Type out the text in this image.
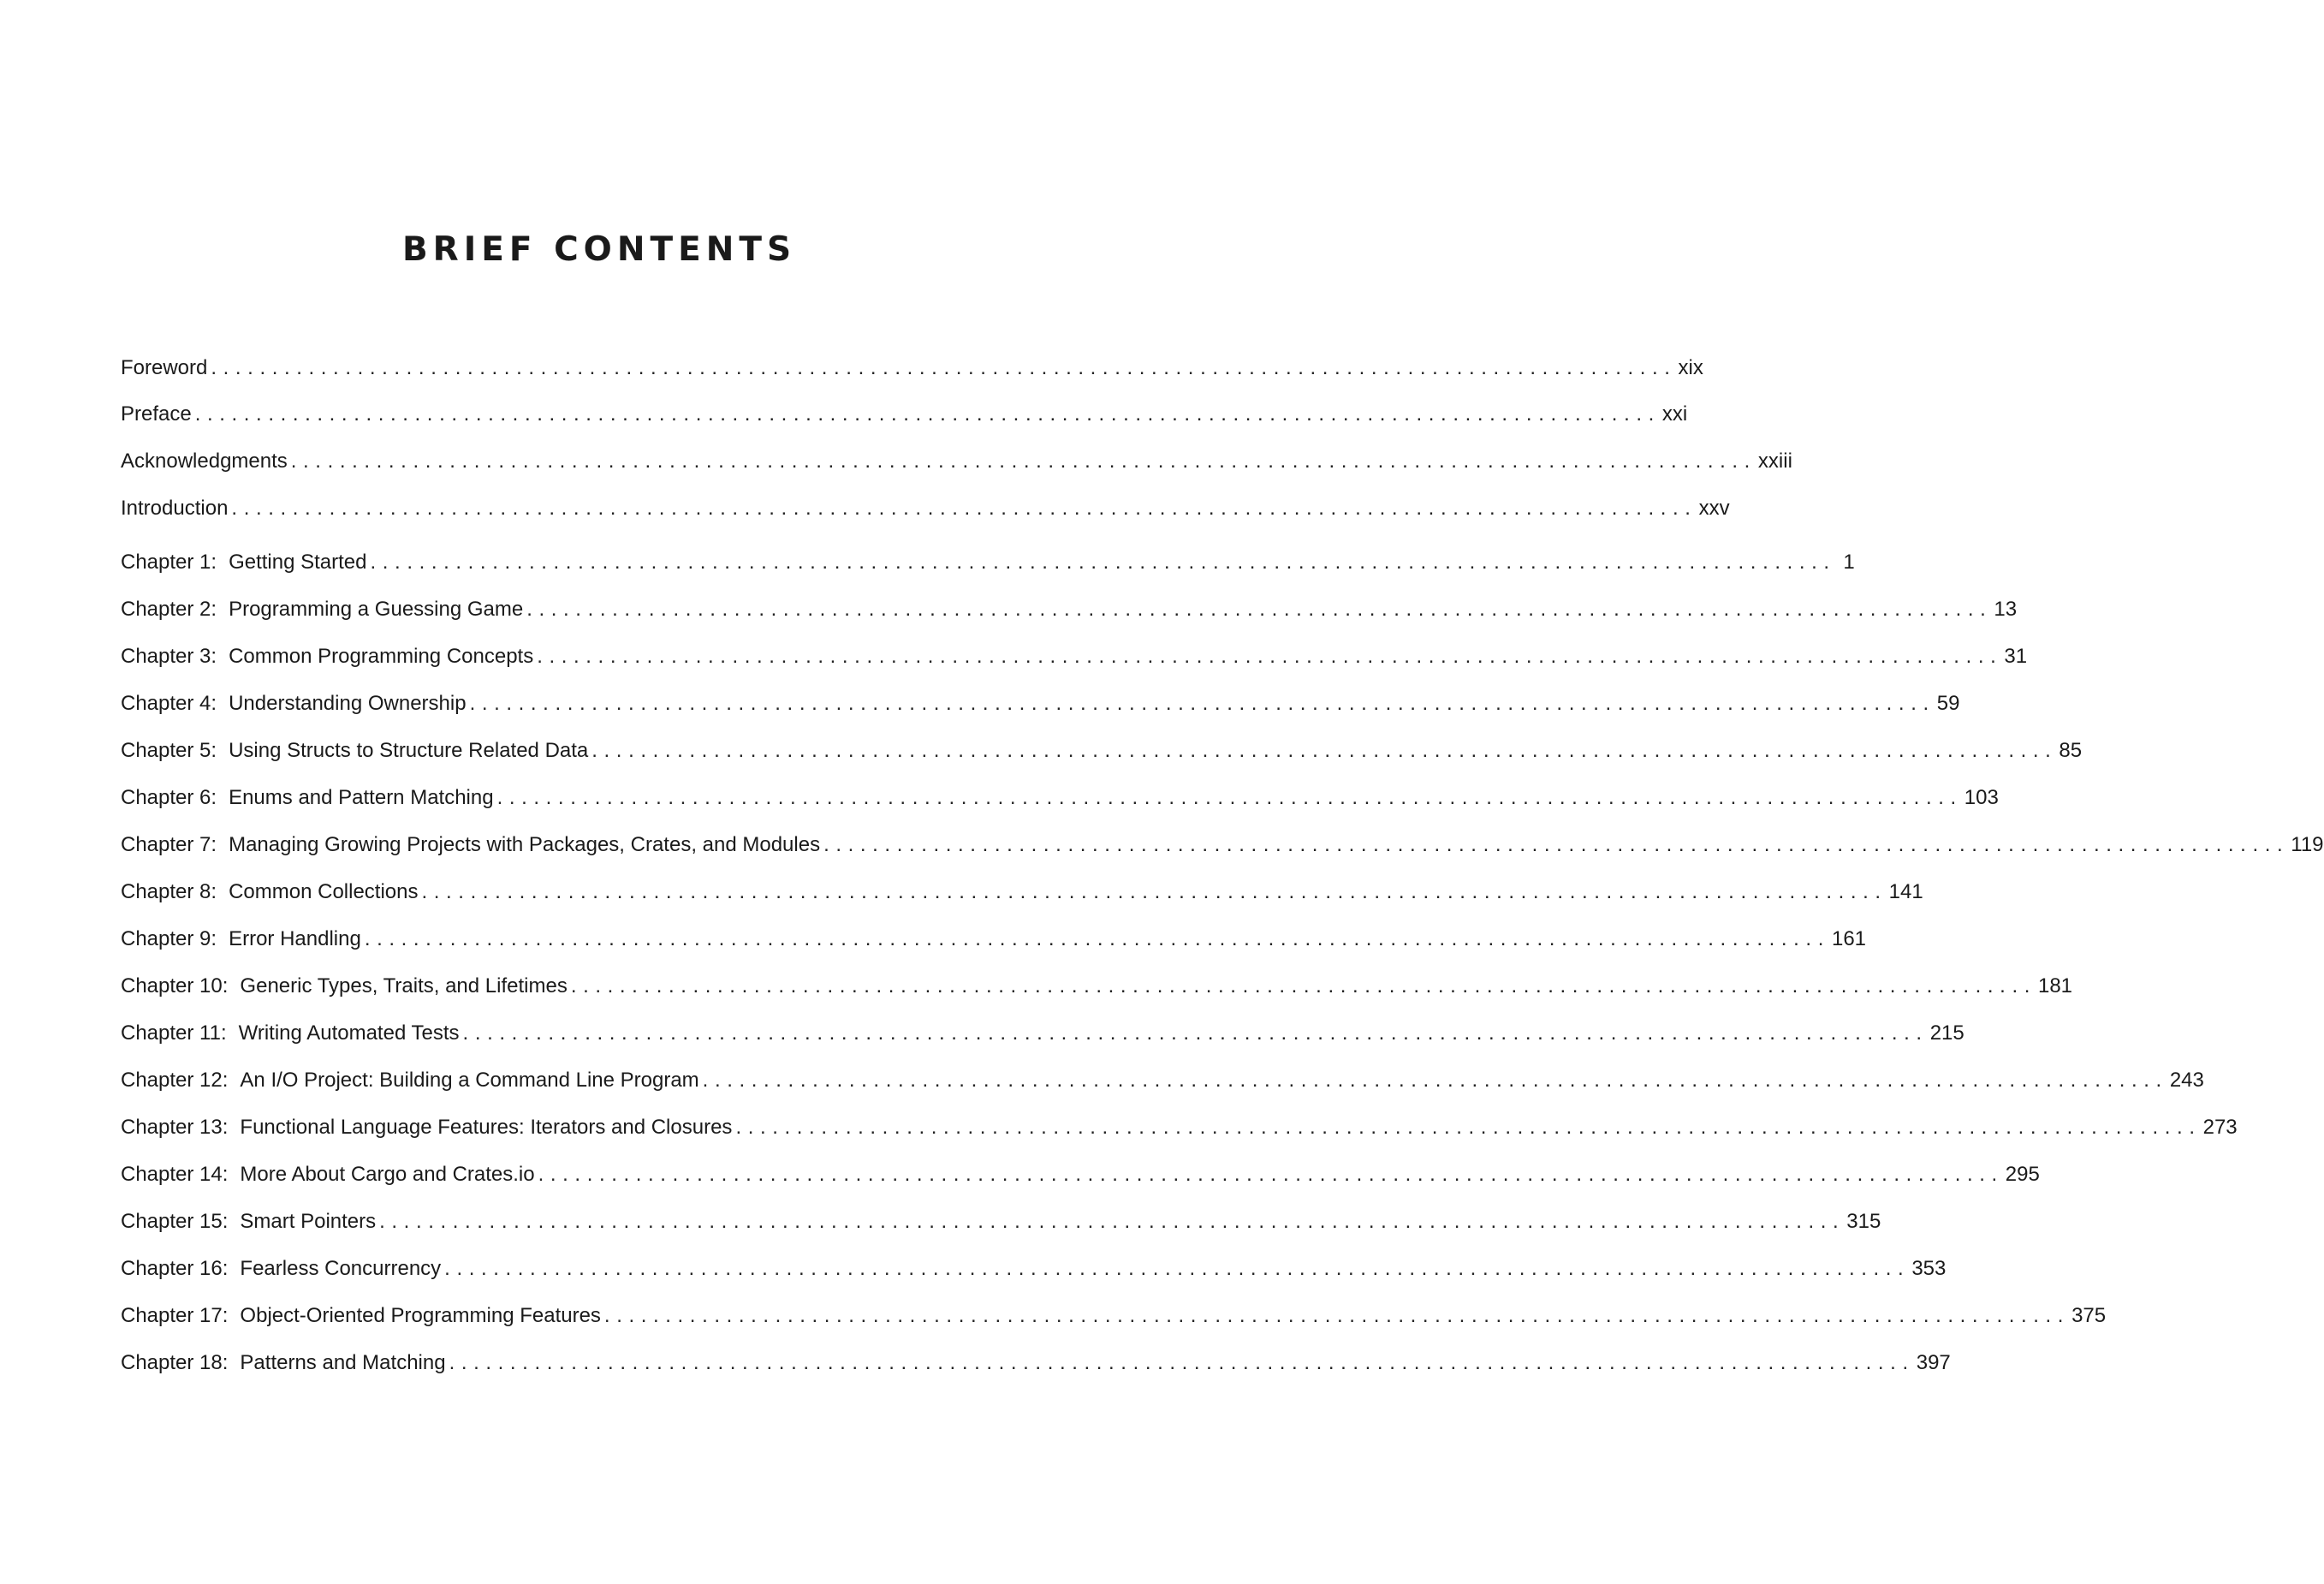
BRIEF CONTENTS
Foreword ........................................................................................................................ xix
Preface ........................................................................................................................ xxi
Acknowledgments ........................................................................................................................ xxiii
Introduction ........................................................................................................................ xxv
Chapter 1: Getting Started ........................................................................................................................ 1
Chapter 2: Programming a Guessing Game ........................................................................................................................ 13
Chapter 3: Common Programming Concepts ........................................................................................................................ 31
Chapter 4: Understanding Ownership ........................................................................................................................ 59
Chapter 5: Using Structs to Structure Related Data ........................................................................................................................ 85
Chapter 6: Enums and Pattern Matching ........................................................................................................................ 103
Chapter 7: Managing Growing Projects with Packages, Crates, and Modules ........................................................................................................................ 119
Chapter 8: Common Collections ........................................................................................................................ 141
Chapter 9: Error Handling ........................................................................................................................ 161
Chapter 10: Generic Types, Traits, and Lifetimes ........................................................................................................................ 181
Chapter 11: Writing Automated Tests ........................................................................................................................ 215
Chapter 12: An I/O Project: Building a Command Line Program ........................................................................................................................ 243
Chapter 13: Functional Language Features: Iterators and Closures ........................................................................................................................ 273
Chapter 14: More About Cargo and Crates.io ........................................................................................................................ 295
Chapter 15: Smart Pointers ........................................................................................................................ 315
Chapter 16: Fearless Concurrency ........................................................................................................................ 353
Chapter 17: Object-Oriented Programming Features ........................................................................................................................ 375
Chapter 18: Patterns and Matching ........................................................................................................................ 397
